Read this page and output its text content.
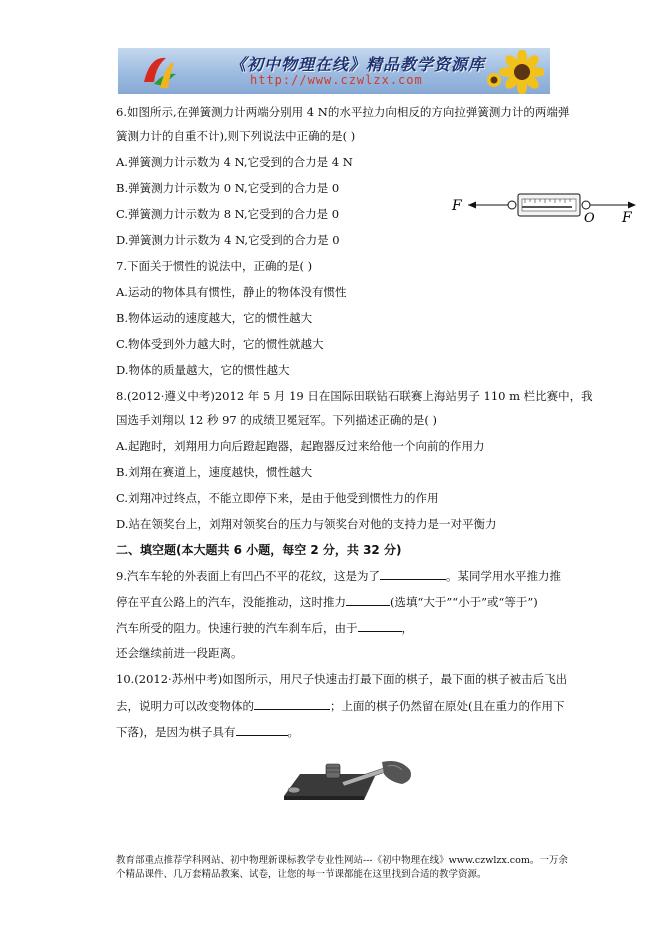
《初中物理在线》精品教学资源库
http://www.czwlzx.com
6.如图所示,在弹簧测力计两端分别用 4 N的水平拉力向相反的方向拉弹簧测力计的两端弹
簧测力计的自重不计),则下列说法中正确的是( )
A.弹簧测力计示数为 4 N,它受到的合力是 4 N
B.弹簧测力计示数为 0 N,它受到的合力是 0
C.弹簧测力计示数为 8 N,它受到的合力是 0
D.弹簧测力计示数为 4 N,它受到的合力是 0
F
O F
7.下面关于惯性的说法中，正确的是( )
A.运动的物体具有惯性，静止的物体没有惯性
B.物体运动的速度越大，它的惯性越大
C.物体受到外力越大时，它的惯性就越大
D.物体的质量越大，它的惯性越大
8.(2012·遵义中考)2012 年 5 月 19 日在国际田联钻石联赛上海站男子 110 m 栏比赛中，我
国选手刘翔以 12 秒 97 的成绩卫冕冠军。下列描述正确的是( )
A.起跑时，刘翔用力向后蹬起跑器，起跑器反过来给他一个向前的作用力
B.刘翔在赛道上，速度越快，惯性越大
C.刘翔冲过终点，不能立即停下来，是由于他受到惯性力的作用
D.站在领奖台上，刘翔对领奖台的压力与领奖台对他的支持力是一对平衡力
二、填空题(本大题共 6 小题，每空 2 分，共 32 分)
9.汽车车轮的外表面上有凹凸不平的花纹，这是为了	。某同学用水平推力推
停在平直公路上的汽车，没能推动，这时推力	(选填“大于”“小于”或“等于”)
汽车所受的阻力。快速行驶的汽车刹车后，由于	，
还会继续前进一段距离。
10.(2012·苏州中考)如图所示，用尺子快速击打最下面的棋子，最下面的棋子被击后飞出
去，说明力可以改变物体的	；上面的棋子仍然留在原处(且在重力的作用下
下落)，是因为棋子具有	。
教育部重点推荐学科网站、初中物理新课标教学专业性网站---《初中物理在线》www.czwlzx.com。一万余
个精品课件、几万套精品教案、试卷，让您的每一节课都能在这里找到合适的教学资源。
